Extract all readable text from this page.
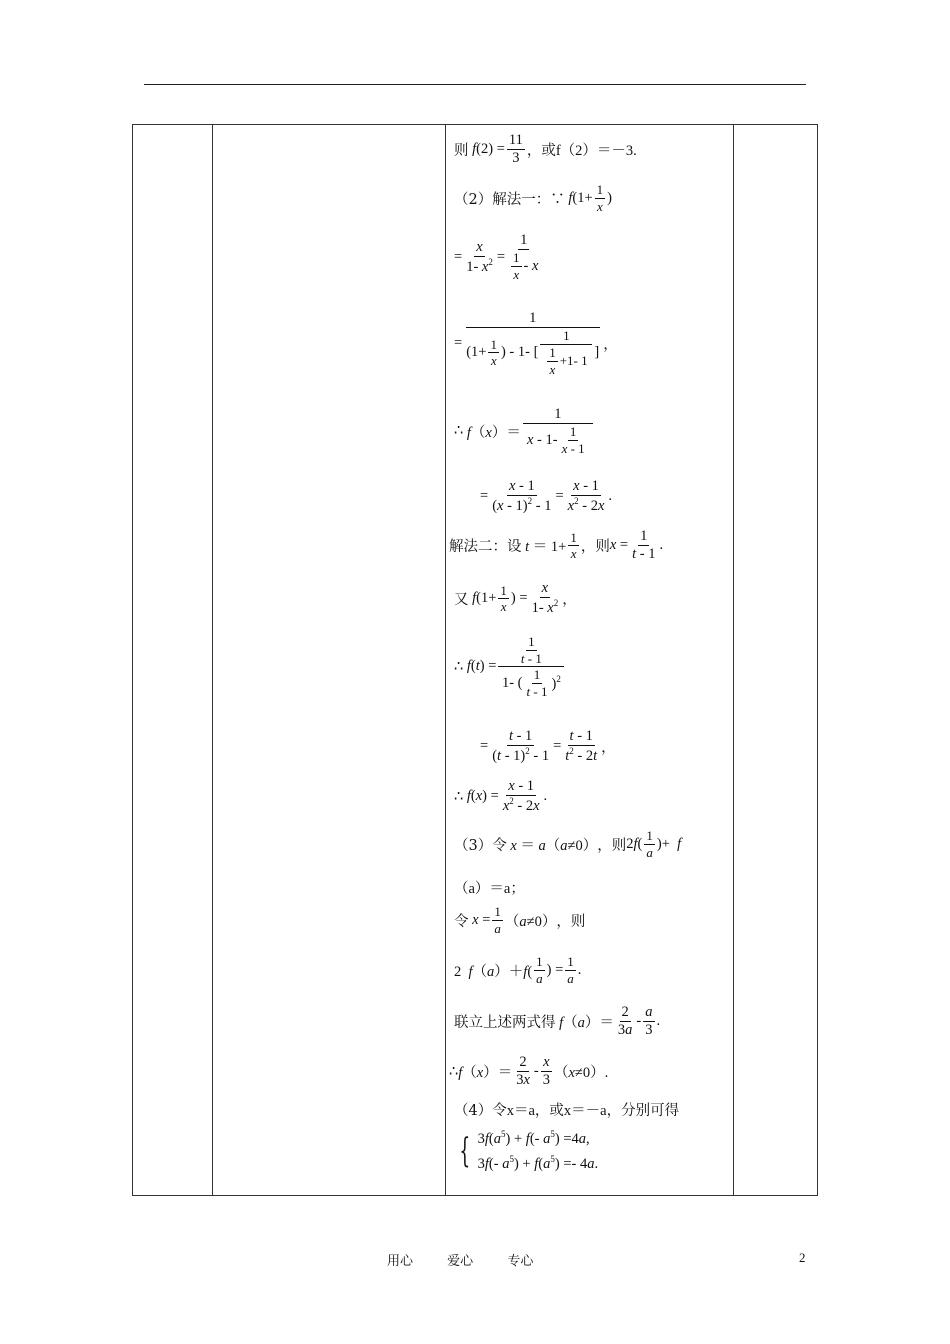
则 $f(2) = \frac{11}{3}$ ，或 f（2）＝－3.
（2）解法一：∵ $f(1+ \frac{1}{x}$ )
= $\frac{x}{1- x^2} = \frac{1}{\frac{1}{x} - x}$
= $\frac{1}{(1+ \frac{1}{x} ) - 1- [ \frac{1}{\frac{1}{x} +1- 1} ]}$ ，
∴ $f(x)= \frac{1}{x - 1- \frac{1}{x - 1}}$
= $\frac{x - 1}{(x - 1)^2 - 1} = \frac{x - 1}{x^2 - 2x}$ .
解法二：设 $t = 1+ \frac{1}{x}$ ，则 $x = \frac{1}{t - 1}$ .
又 $f(1+ \frac{1}{x}$ ) = $\frac{x}{1- x^2}$ ，
∴ $f(t) = \frac{\frac{1}{t - 1}}{1- ( \frac{1}{t - 1} )^2}$
= $\frac{t - 1}{(t - 1)^2 - 1} = \frac{t - 1}{t^2 - 2t}$ ，
∴ $f(x) = \frac{x - 1}{x^2 - 2x}$ .
（3）令 x ＝ a（a≠0） ，则 $2f( \frac{1}{a}$ )+  f
（a）＝a；
令 $x = \frac{1}{a} (a\ne 0)$ ，则
2  $f(a)+f( \frac{1}{a}$ ) = $\frac{1}{a}$ .
联立上述两式得 $f(a)= \frac{2}{3a} - \frac{a}{3}$ .
∴ $f(x)= \frac{2}{3x} - \frac{x}{3} (x\ne 0)$.
（4）令 x＝a，或x＝－a，分别可得
{ $3f(a^5) + f(-$ $a^5) =4a$,
3f(- $a^5) + f(a^5) =- 4a$.
用心	爱心	专心	2
